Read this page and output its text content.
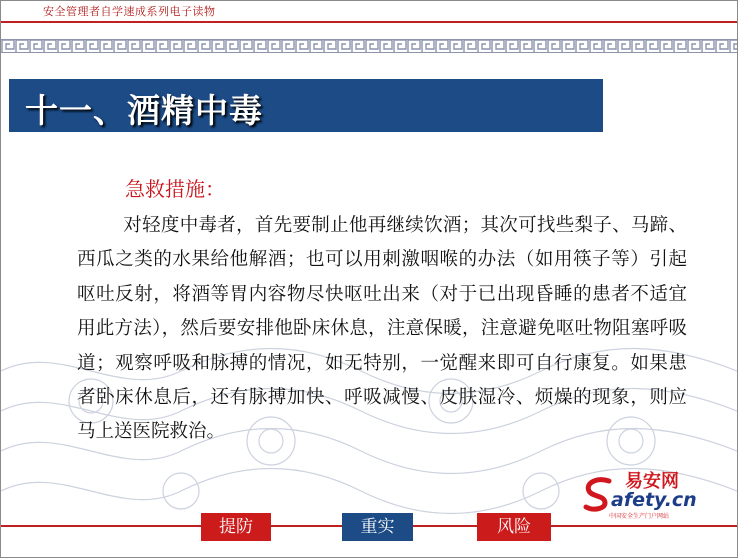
安全管理者自学速成系列电子读物
十一、酒精中毒
急救措施：
对轻度中毒者，首先要制止他再继续饮酒；其次可找些梨子、马蹄、西瓜之类的水果给他解酒；也可以用刺激咽喉的办法（如用筷子等）引起呕吐反射，将酒等胃内容物尽快呕吐出来（对于已出现昏睡的患者不适宜用此方法），然后要安排他卧床休息，注意保暖，注意避免呕吐物阻塞呼吸道；观察呼吸和脉搏的情况，如无特别，一觉醒来即可自行康复。如果患者卧床休息后，还有脉搏加快、呼吸减慢、皮肤湿冷、烦燥的现象，则应马上送医院救治。
易安网
afety.cn
中国安全生产门户网站
提防	重实	风险
